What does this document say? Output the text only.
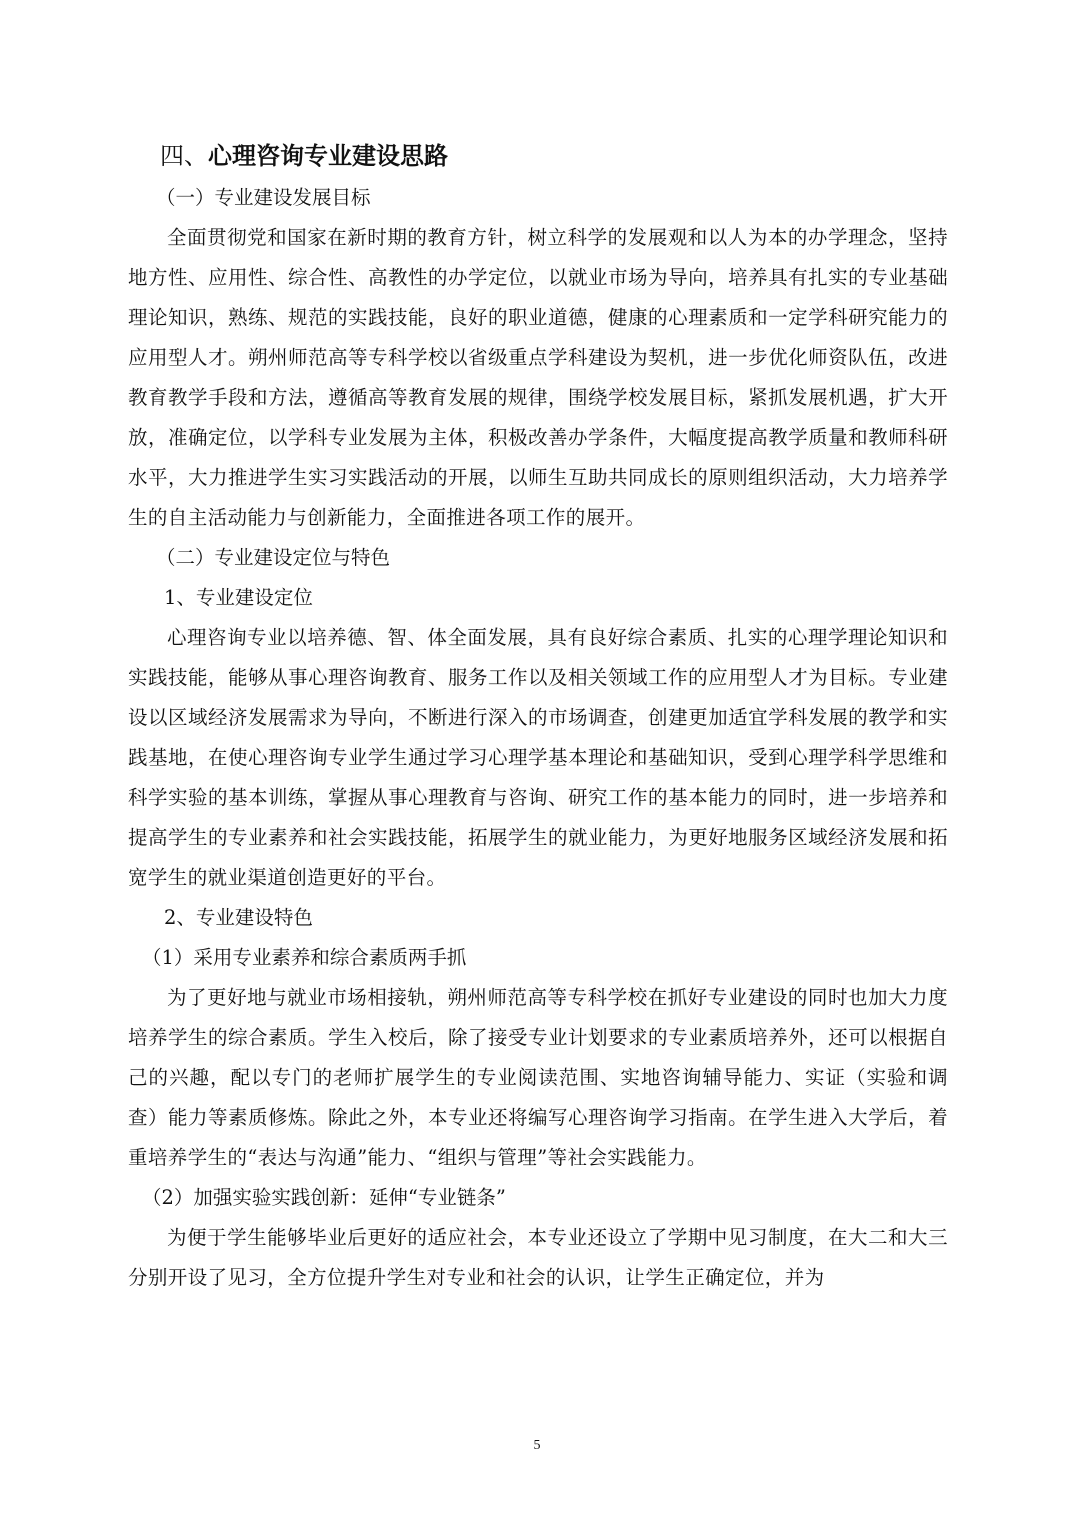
四、心理咨询专业建设思路
（一）专业建设发展目标

全面贯彻党和国家在新时期的教育方针，树立科学的发展观和以人为本的办学理念，坚持地方性、应用性、综合性、高教性的办学定位，以就业市场为导向，培养具有扎实的专业基础理论知识，熟练、规范的实践技能，良好的职业道德，健康的心理素质和一定学科研究能力的应用型人才。朔州师范高等专科学校以省级重点学科建设为契机，进一步优化师资队伍，改进教育教学手段和方法，遵循高等教育发展的规律，围绕学校发展目标，紧抓发展机遇，扩大开放，准确定位，以学科专业发展为主体，积极改善办学条件，大幅度提高教学质量和教师科研水平，大力推进学生实习实践活动的开展，以师生互助共同成长的原则组织活动，大力培养学生的自主活动能力与创新能力，全面推进各项工作的展开。

（二）专业建设定位与特色
1、专业建设定位

心理咨询专业以培养德、智、体全面发展，具有良好综合素质、扎实的心理学理论知识和实践技能，能够从事心理咨询教育、服务工作以及相关领域工作的应用型人才为目标。专业建设以区域经济发展需求为导向，不断进行深入的市场调查，创建更加适宜学科发展的教学和实践基地，在使心理咨询专业学生通过学习心理学基本理论和基础知识，受到心理学科学思维和科学实验的基本训练，掌握从事心理教育与咨询、研究工作的基本能力的同时，进一步培养和提高学生的专业素养和社会实践技能，拓展学生的就业能力，为更好地服务区域经济发展和拓宽学生的就业渠道创造更好的平台。

2、专业建设特色
（1）采用专业素养和综合素质两手抓

为了更好地与就业市场相接轨，朔州师范高等专科学校在抓好专业建设的同时也加大力度培养学生的综合素质。学生入校后，除了接受专业计划要求的专业素质培养外，还可以根据自己的兴趣，配以专门的老师扩展学生的专业阅读范围、实地咨询辅导能力、实证（实验和调查）能力等素质修炼。除此之外，本专业还将编写心理咨询学习指南。在学生进入大学后，着重培养学生的“表达与沟通”能力、“组织与管理”等社会实践能力。

（2）加强实验实践创新：延伸“专业链条”

为便于学生能够毕业后更好的适应社会，本专业还设立了学期中见习制度，在大二和大三分别开设了见习，全方位提升学生对专业和社会的认识，让学生正确定位，并为

5
